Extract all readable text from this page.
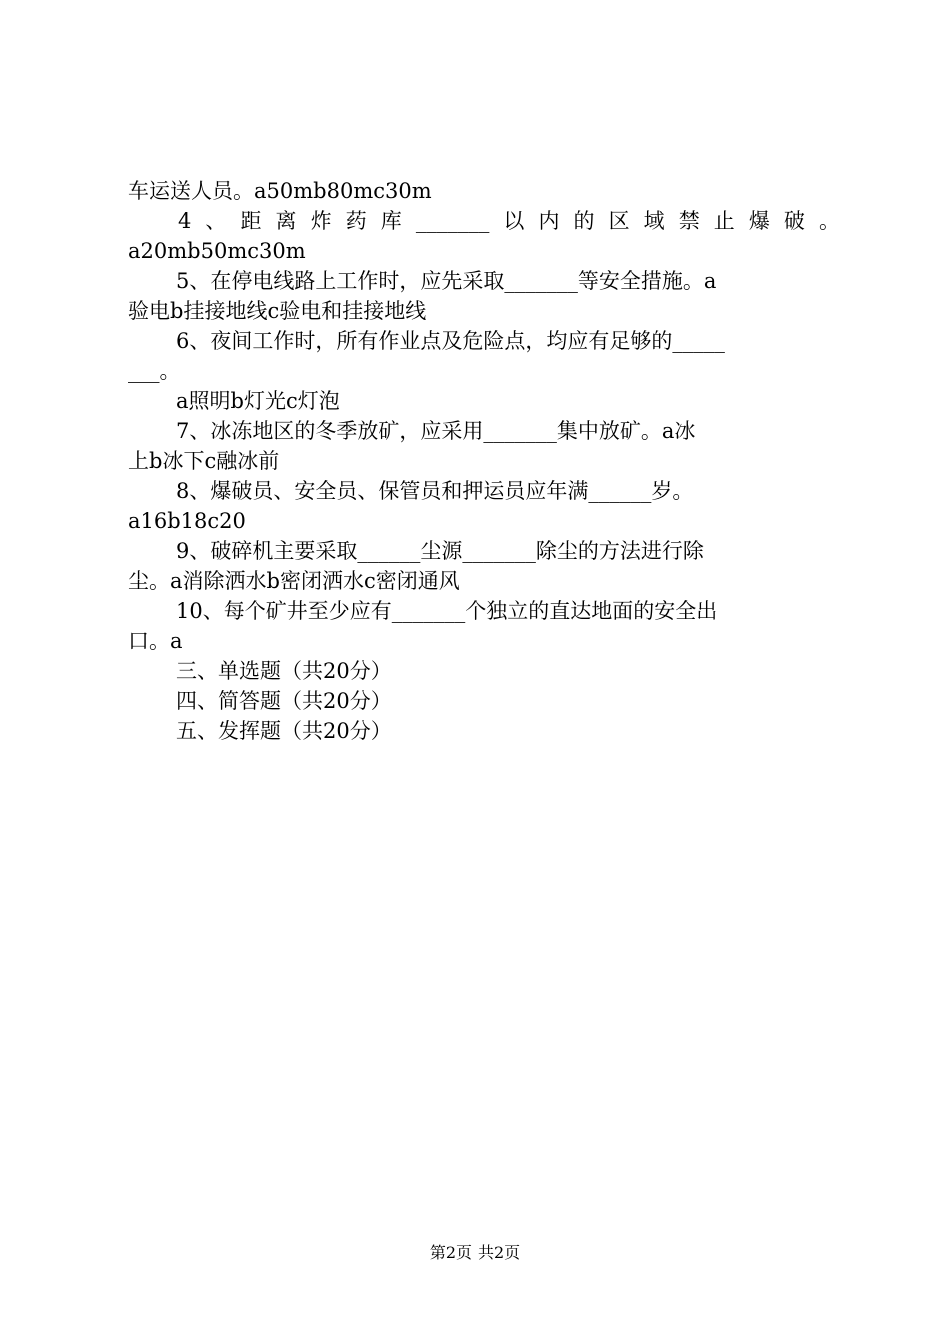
车运送人员。a50mb80mc30m
4、距离炸药库_______以内的区域禁止爆破。
a20mb50mc30m
5、在停电线路上工作时，应先采取_______等安全措施。a
验电b挂接地线c验电和挂接地线
6、夜间工作时，所有作业点及危险点，均应有足够的_____
___。
a照明b灯光c灯泡
7、冰冻地区的冬季放矿，应采用_______集中放矿。a冰
上b冰下c融冰前
8、爆破员、安全员、保管员和押运员应年满______岁。
a16b18c20
9、破碎机主要采取______尘源_______除尘的方法进行除
尘。a消除洒水b密闭洒水c密闭通风
10、每个矿井至少应有_______个独立的直达地面的安全出
口。a
三、单选题（共20分）
四、简答题（共20分）
五、发挥题（共20分）
第2页 共2页
